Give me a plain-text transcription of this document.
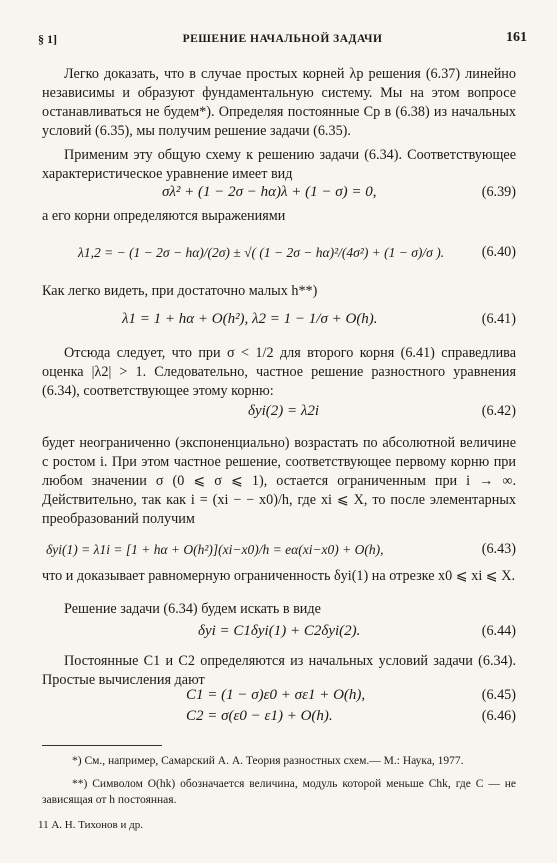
§ 1]	РЕШЕНИЕ НАЧАЛЬНОЙ ЗАДАЧИ	161

Легко доказать, что в случае простых корней λp решения (6.37) линейно независимы и образуют фундаментальную систему. Мы на этом вопросе останавливаться не будем*). Определяя постоянные Cp в (6.38) из начальных условий (6.35), мы получим решение задачи (6.35).

Применим эту общую схему к решению задачи (6.34). Соответствующее характеристическое уравнение имеет вид

σλ² + (1 − 2σ − hα)λ + (1 − σ) = 0,	(6.39)

а его корни определяются выражениями

λ1,2 = − (1 − 2σ − hα)/(2σ) ± √( (1 − 2σ − hα)²/(4σ²) + (1 − σ)/σ ).	(6.40)

Как легко видеть, при достаточно малых h**)

λ1 = 1 + hα + O(h²), λ2 = 1 − 1/σ + O(h).	(6.41)

Отсюда следует, что при σ < 1/2 для второго корня (6.41) справедлива оценка |λ2| > 1. Следовательно, частное решение разностного уравнения (6.34), соответствующее этому корню:

δyi(2) = λ2i	(6.42)

будет неограниченно (экспоненциально) возрастать по абсолютной величине с ростом i. При этом частное решение, соответствующее первому корню при любом значении σ (0 ⩽ σ ⩽ 1), остается ограниченным при i → ∞. Действительно, так как i = (xi − − x0)/h, где xi ⩽ X, то после элементарных преобразований получим

δyi(1) = λ1i = [1 + hα + O(h²)](xi−x0)/h = eα(xi−x0) + O(h),	(6.43)

что и доказывает равномерную ограниченность δyi(1) на отрезке x0 ⩽ xi ⩽ X.

Решение задачи (6.34) будем искать в виде

δyi = C1δyi(1) + C2δyi(2).	(6.44)

Постоянные C1 и C2 определяются из начальных условий задачи (6.34). Простые вычисления дают

C1 = (1 − σ)ε0 + σε1 + O(h),	(6.45)
C2 = σ(ε0 − ε1) + O(h).	(6.46)

*) См., например, Самарский А. А. Теория разностных схем.— М.: Наука, 1977.

**) Символом O(hk) обозначается величина, модуль которой меньше Chk, где C — не зависящая от h постоянная.

11 А. Н. Тихонов и др.
